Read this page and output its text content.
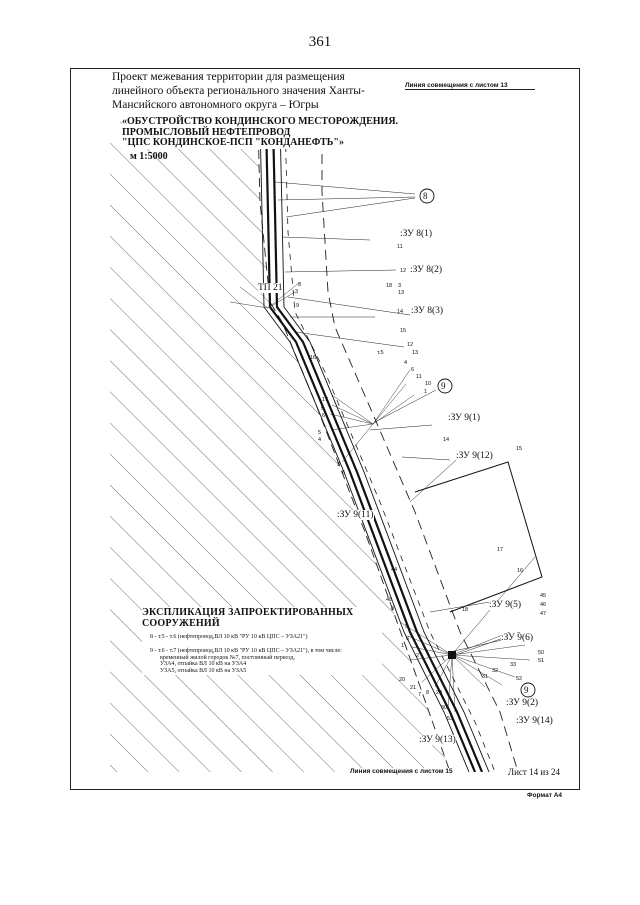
361
Проект межевания территории для размещения линейного объекта регионального значения Ханты-Мансийского автономного округа – Югры
Линия совмещения с листом 13
«ОБУСТРОЙСТВО КОНДИНСКОГО МЕСТОРОЖДЕНИЯ.
ПРОМЫСЛОВЫЙ НЕФТЕПРОВОД
"ЦПС КОНДИНСКОЕ-ПСП "КОНДАНЕФТЬ"»
м 1:5000
8
9
9
:ЗУ 8(1)
:ЗУ 8(2)
:ЗУ 8(3)
:ЗУ 9(1)
:ЗУ 9(12)
:ЗУ 9(11)
:ЗУ 9(5)
:ЗУ 9(6)
:ЗУ 9(2)
:ЗУ 9(14)
:ЗУ 9(13)
ТП 21
11
12
18 3
13
14
15
16
8
3
9
т.5
12
13
4
6
11
10
1
17
5
6
5
4
3
6
14
15
17
16
44
48
8
45
46
47
18
50
51
52
33
32
31
9
6
1
2
20
21
7 8 29
30
53
ЭКСПЛИКАЦИЯ ЗАПРОЕКТИРОВАННЫХ СООРУЖЕНИЙ
8 - т.5 - т.6 (нефтепровод,ВЛ 10 кВ "РУ 10 кВ ЦПС – УЗА21")
9 - т.6 - т.7 (нефтепровод,ВЛ 10 кВ "РУ 10 кВ ЦПС – УЗА21"), в том числе:
временный жилой городок №7, постоянный переезд,
УЗА4, отпайка ВЛ 10 кВ на УЗА4
УЗА5, отпайка ВЛ 10 кВ на УЗА5
Линия совмещения с листом 15	Лист 14 из 24
Формат А4
